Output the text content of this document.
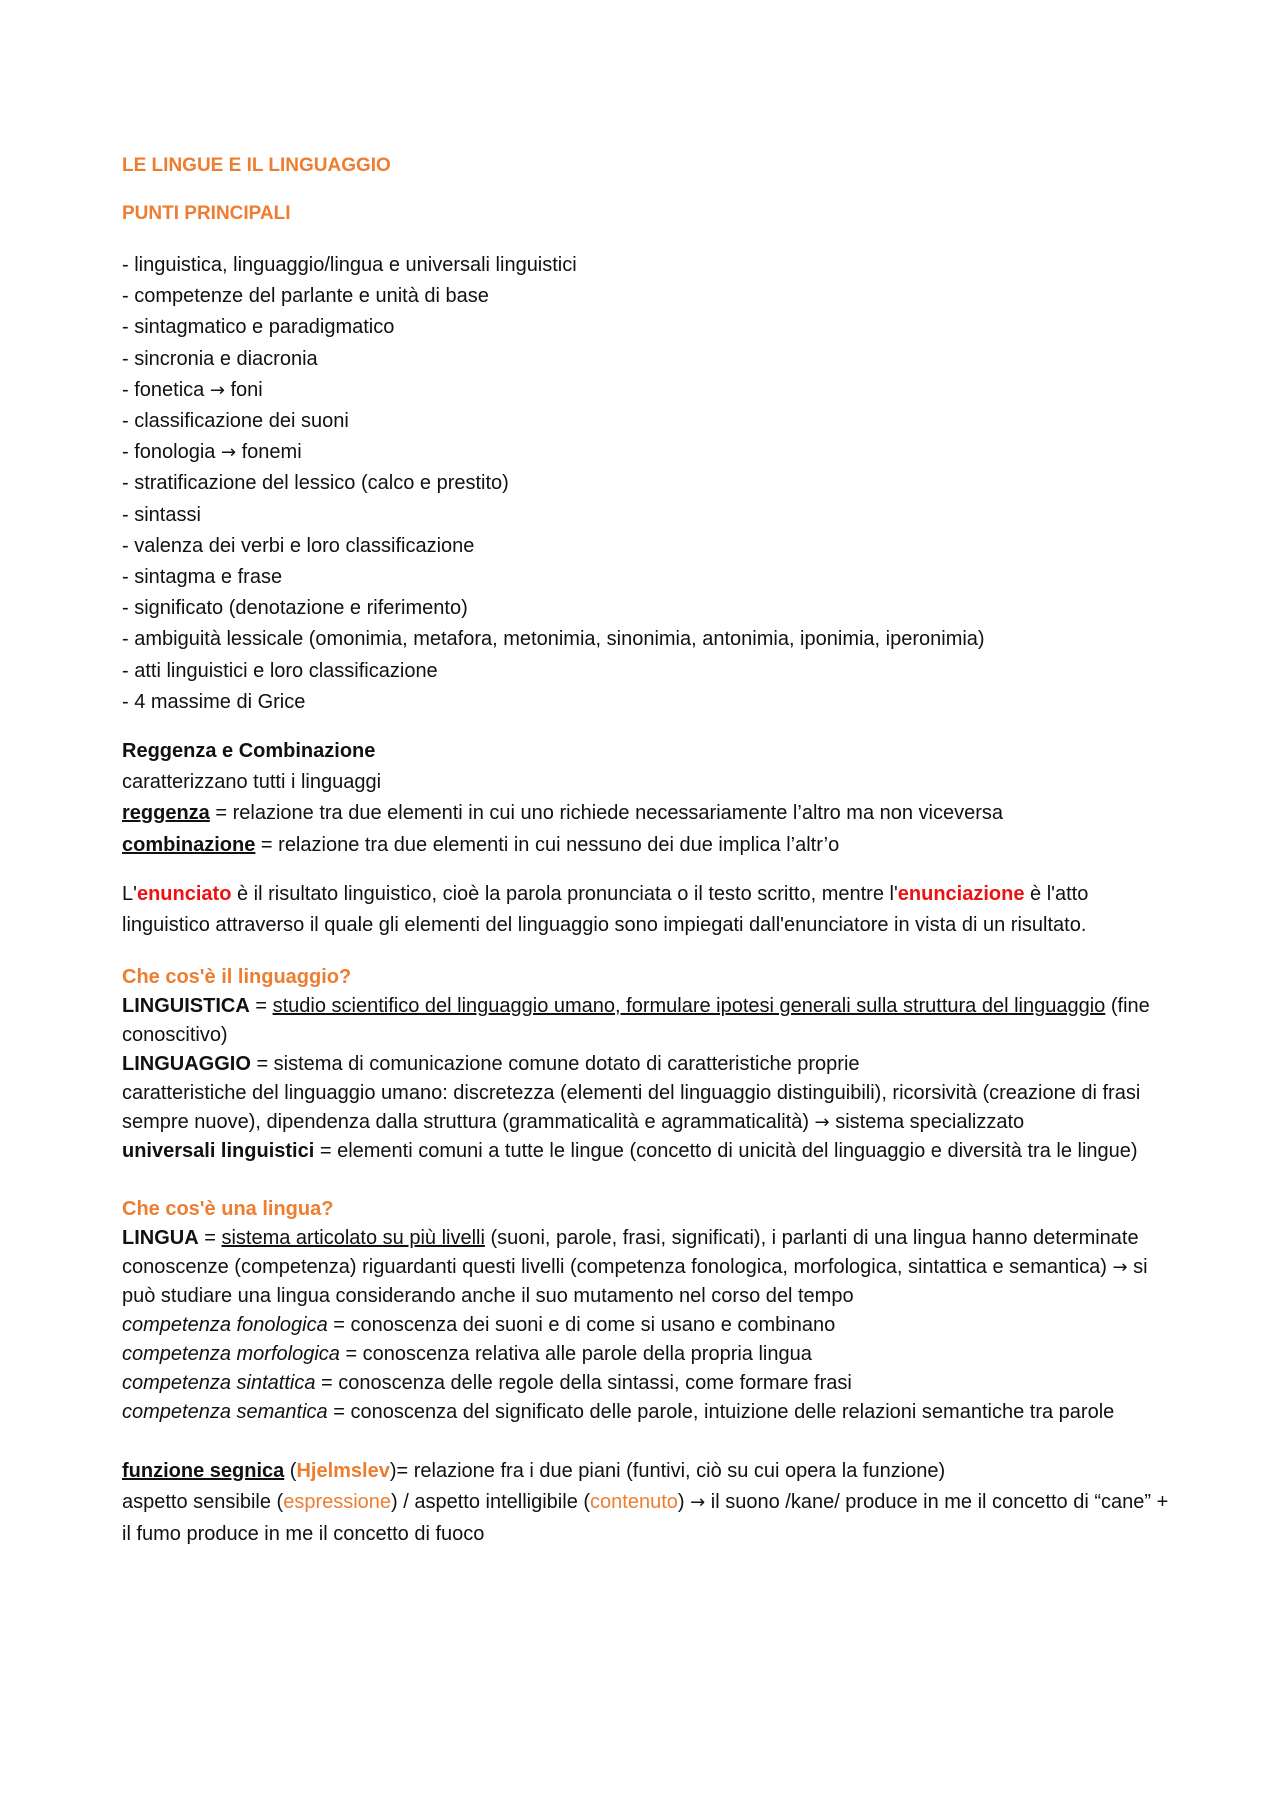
LE LINGUE E IL LINGUAGGIO

PUNTI PRINCIPALI

- linguistica, linguaggio/lingua e universali linguistici

- competenze del parlante e unità di base

- sintagmatico e paradigmatico

- sincronia e diacronia

- fonetica → foni

- classificazione dei suoni

- fonologia → fonemi

- stratificazione del lessico (calco e prestito)

- sintassi

- valenza dei verbi e loro classificazione

- sintagma e frase

- significato (denotazione e riferimento)

- ambiguità lessicale (omonimia, metafora, metonimia, sinonimia, antonimia, iponimia, iperonimia)

- atti linguistici e loro classificazione

- 4 massime di Grice

Reggenza e Combinazione

caratterizzano tutti i linguaggi

reggenza = relazione tra due elementi in cui uno richiede necessariamente l’altro ma non viceversa

combinazione = relazione tra due elementi in cui nessuno dei due implica l’altr’o

L'enunciato è il risultato linguistico, cioè la parola pronunciata o il testo scritto, mentre l'enunciazione è l'atto linguistico attraverso il quale gli elementi del linguaggio sono impiegati dall'enunciatore in vista di un risultato.

Che cos'è il linguaggio?

LINGUISTICA = studio scientifico del linguaggio umano, formulare ipotesi generali sulla struttura del linguaggio (fine conoscitivo)

LINGUAGGIO = sistema di comunicazione comune dotato di caratteristiche proprie

caratteristiche del linguaggio umano: discretezza (elementi del linguaggio distinguibili), ricorsività (creazione di frasi sempre nuove), dipendenza dalla struttura (grammaticalità e agrammaticalità) → sistema specializzato

universali linguistici = elementi comuni a tutte le lingue (concetto di unicità del linguaggio e diversità tra le lingue)

Che cos'è una lingua?

LINGUA = sistema articolato su più livelli (suoni, parole, frasi, significati), i parlanti di una lingua hanno determinate conoscenze (competenza) riguardanti questi livelli (competenza fonologica, morfologica, sintattica e semantica) → si può studiare una lingua considerando anche il suo mutamento nel corso del tempo

competenza fonologica = conoscenza dei suoni e di come si usano e combinano

competenza morfologica = conoscenza relativa alle parole della propria lingua

competenza sintattica = conoscenza delle regole della sintassi, come formare frasi

competenza semantica = conoscenza del significato delle parole, intuizione delle relazioni semantiche tra parole

funzione segnica (Hjelmslev)= relazione fra i due piani (funtivi, ciò su cui opera la funzione)

aspetto sensibile (espressione) / aspetto intelligibile (contenuto) → il suono /kane/ produce in me il concetto di “cane” + il fumo produce in me il concetto di fuoco
